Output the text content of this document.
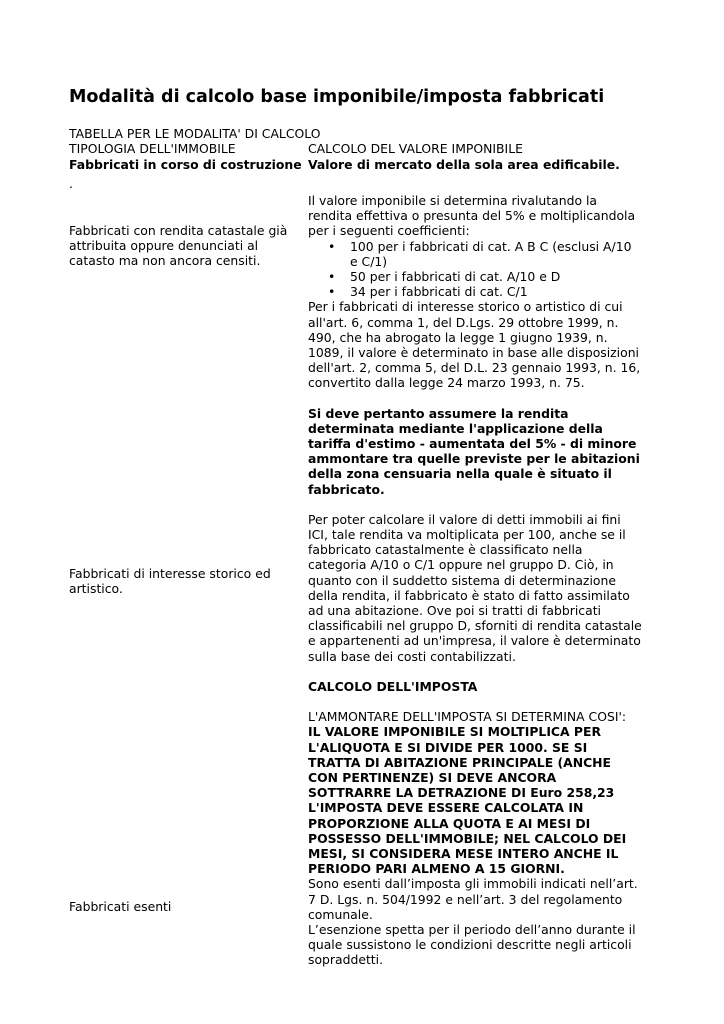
Modalità di calcolo base imponibile/imposta fabbricati
TABELLA PER LE MODALITA' DI CALCOLO
TIPOLOGIA DELL'IMMOBILE	CALCOLO DEL VALORE IMPONIBILE
Fabbricati in corso di costruzione
.
Valore di mercato della sola area edificabile.
Fabbricati con rendita catastale già attribuita oppure denunciati al catasto ma non ancora censiti.
Fabbricati di interesse storico ed artistico.
Fabbricati esenti

Il valore imponibile si determina rivalutando la rendita effettiva o presunta del 5% e moltiplicandola per i seguenti coefficienti:

• 100 per i fabbricati di cat. A B C (esclusi A/10 e C/1)
• 50 per i fabbricati di cat. A/10 e D
• 34 per i fabbricati di cat. C/1

Per i fabbricati di interesse storico o artistico di cui all'art. 6, comma 1, del D.Lgs. 29 ottobre 1999, n. 490, che ha abrogato la legge 1 giugno 1939, n. 1089, il valore è determinato in base alle disposizioni dell'art. 2, comma 5, del D.L. 23 gennaio 1993, n. 16, convertito dalla legge 24 marzo 1993, n. 75.

Si deve pertanto assumere la rendita determinata mediante l'applicazione della tariffa d'estimo - aumentata del 5% - di minore ammontare tra quelle previste per le abitazioni della zona censuaria nella quale è situato il fabbricato.

Per poter calcolare il valore di detti immobili ai fini ICI, tale rendita va moltiplicata per 100, anche se il fabbricato catastalmente è classificato nella categoria A/10 o C/1 oppure nel gruppo D. Ciò, in quanto con il suddetto sistema di determinazione della rendita, il fabbricato è stato di fatto assimilato ad una abitazione. Ove poi si tratti di fabbricati classificabili nel gruppo D, sforniti di rendita catastale e appartenenti ad un'impresa, il valore è determinato sulla base dei costi contabilizzati.

CALCOLO DELL'IMPOSTA

L'AMMONTARE DELL'IMPOSTA SI DETERMINA COSI':

IL VALORE IMPONIBILE SI MOLTIPLICA PER L'ALIQUOTA E SI DIVIDE PER 1000. SE SI TRATTA DI ABITAZIONE PRINCIPALE (ANCHE CON PERTINENZE) SI DEVE ANCORA SOTTRARRE LA DETRAZIONE DI Euro 258,23 L'IMPOSTA DEVE ESSERE CALCOLATA IN PROPORZIONE ALLA QUOTA E AI MESI DI POSSESSO DELL'IMMOBILE; NEL CALCOLO DEI MESI, SI CONSIDERA MESE INTERO ANCHE IL PERIODO PARI ALMENO A 15 GIORNI.

Sono esenti dall’imposta gli immobili indicati nell’art. 7 D. Lgs. n. 504/1992 e nell’art. 3 del regolamento comunale.

L’esenzione spetta per il periodo dell’anno durante il quale sussistono le condizioni descritte negli articoli sopraddetti.
